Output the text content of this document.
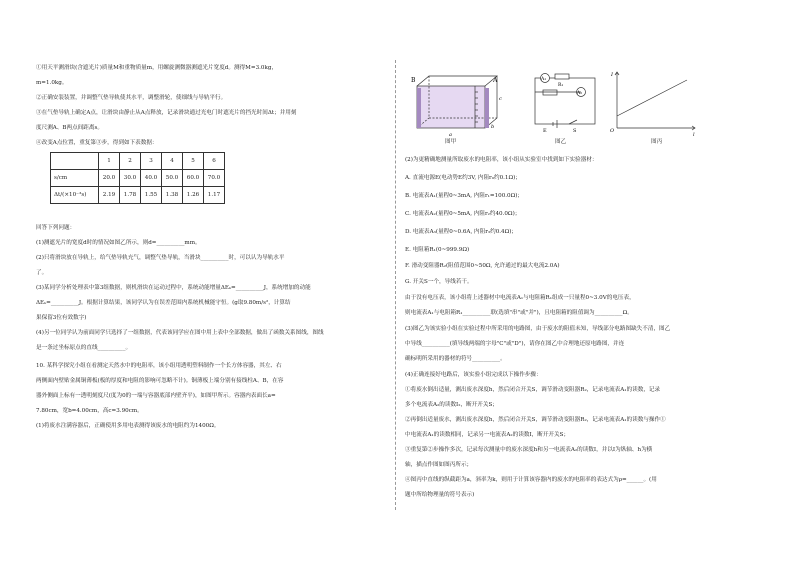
①用天平测滑块(含遮光片)质量M和重物质量m，用螺旋测微器测遮光片宽度d。测得M=3.0kg，

m=1.0kg。

②正确安装装置，并调整气垫导轨使其水平，调整滑轮，使细线与导轨平行。

③在气垫导轨上确定A点，让滑块由静止从A点释放，记录滑块通过光电门时遮光片的挡光时间Δt；并用刻

度尺测A、B两点间距离s。

④改变A点位置，重复第③步，得到如下表数据：

	1	2	3	4	5	6
s/cm	20.0	30.0	40.0	50.0	60.0	70.0
Δt/(×10⁻³s)	2.19	1.78	1.55	1.38	1.26	1.17

回答下列问题：

(1)测遮光片的宽度d时的情况如图乙所示，则d=__________mm。

(2)只将滑块放在导轨上，给气垫导轨充气，调整气垫导轨，当滑块__________时，可以认为导轨水平

了。

(3)某同学分析处理表中第3组数据，则机滑块在运动过程中，系统动能增量ΔEₖ=__________J，系统增加的动能

ΔEₖ=__________J。根据计算结果，该同学认为在误差范围内系统机械能守恒。(g取9.80m/s²，计算结

果保留3位有效数字)

(4)另一位同学认为前面同学只选择了一组数据，代表该同学应在图中用上表中全部数据，做出了函数关系图线，图线

是一条过坐标原点的直线__________。

10. 某科学探究小组在看测定天然水中的电阻率，该小组用透明塑料制作一个长方体容器，其左、右

两侧面内壁贴金属铜薄板(板的厚度和电阻的影响可忽略不计)。铜薄板上端分别有接线柱A、B，在容

器外侧面上标有一透明刻度尺(度为0的一端与容器底部内壁齐平)，如图甲所示。容器内表面长a=

7.80cm，宽b=4.00cm，高c=3.90cm。

(1)将废水注满容器后，正确使用多用电表测得该废水的电阻约为1400Ω。

B	A
c
b
a
A₁
A₂
R₁
E	S
I
O
l
图甲	图乙	图丙

(2)为更精确地测量所取废水的电阻率，该小组从实验室中找到如下实验器材：

A. 直流电源E(电动势E约3V, 内阻r₀约0.1Ω)；

B. 电流表A₁(量程0~3mA, 内阻r₁=100.0Ω)；

C. 电流表A₂(量程0~5mA, 内阻r₂约40.0Ω)；

D. 电流表A₃(量程0~0.6A, 内阻r₃约0.4Ω)；

E. 电阻箱R₁(0~999.9Ω)

F. 滑动变阻器R₂(阻值范围0~50Ω, 允许通过的最大电流2.0A)

G. 开关S一个，导线若干。

由于没有电压表，该小组将上述器材中电流表A₁与电阻箱R₁组成一只量程0~3.0V的电压表，

则电流表A₁与电阻箱R₁__________联(选填"串"或"并")，且电阻箱的阻值调为__________Ω。

(3)图乙为该实验小组在实验过程中所采用的电路图，由于废水的阻值未知，导线部分电路图缺失不清，图乙

中导线__________(填导线两端的字母"C"或"D")，请你在图乙中合理地还原电路图，并连

确标明所采用的器材的符号__________。

(4)正确连接好电路后，该实验小组完成以下操作步骤：

①将废水倒出适量，测出废水深度h，然后闭合开关S，调节滑动变阻器R₂，记录电流表A₁的读数，记录

多个电流表A₂的读数I₂，断开开关S；

②再倒出适量废水，测出废水深度h，然后闭合开关S，调节滑动变阻器R₂，记录电流表A₁的读数与操作①

中电流表A₁的读数相同，记录另一电流表A₂的读数I，断开开关S；

③重复第②步操作多次，记录每次测量中的废水深度h和另一电流表A₂的读数I，并以I为纵轴、h为横

轴，描点作图如图丙所示；

④图丙中直线的纵截距为a，斜率为k，则用于计算该容器内的废水的电阻率的表达式为ρ=______。(用

题中所给物理量的符号表示)
